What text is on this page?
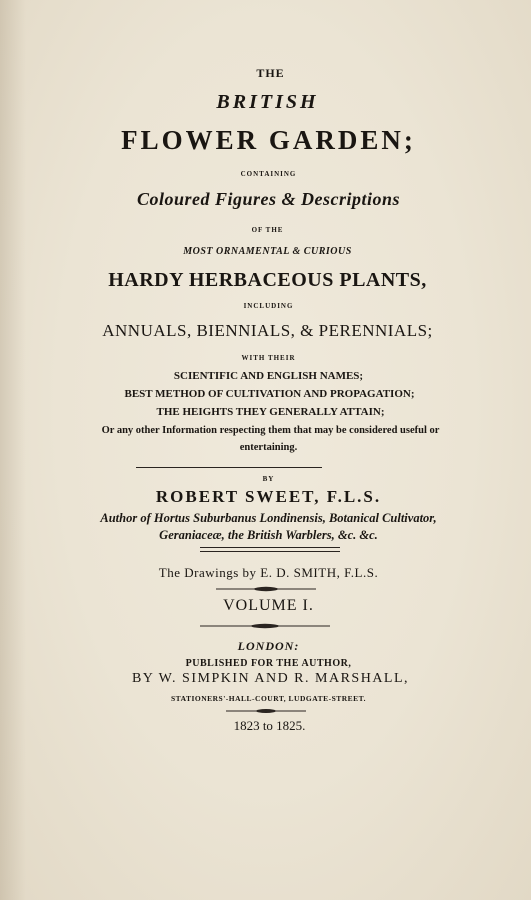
THE
BRITISH
FLOWER GARDEN;
CONTAINING
Coloured Figures & Descriptions
OF THE
MOST ORNAMENTAL & CURIOUS
HARDY HERBACEOUS PLANTS,
INCLUDING
ANNUALS, BIENNIALS, & PERENNIALS;
WITH THEIR
SCIENTIFIC AND ENGLISH NAMES;
BEST METHOD OF CULTIVATION AND PROPAGATION;
THE HEIGHTS THEY GENERALLY ATTAIN;
Or any other Information respecting them that may be considered useful or
entertaining.
BY
ROBERT SWEET, F.L.S.
Author of Hortus Suburbanus Londinensis, Botanical Cultivator,
Geraniaceæ, the British Warblers, &c. &c.
The Drawings by E. D. SMITH, F.L.S.
VOLUME I.
LONDON:
PUBLISHED FOR THE AUTHOR,
BY W. SIMPKIN AND R. MARSHALL,
STATIONERS'-HALL-COURT, LUDGATE-STREET.
1823 to 1825.
